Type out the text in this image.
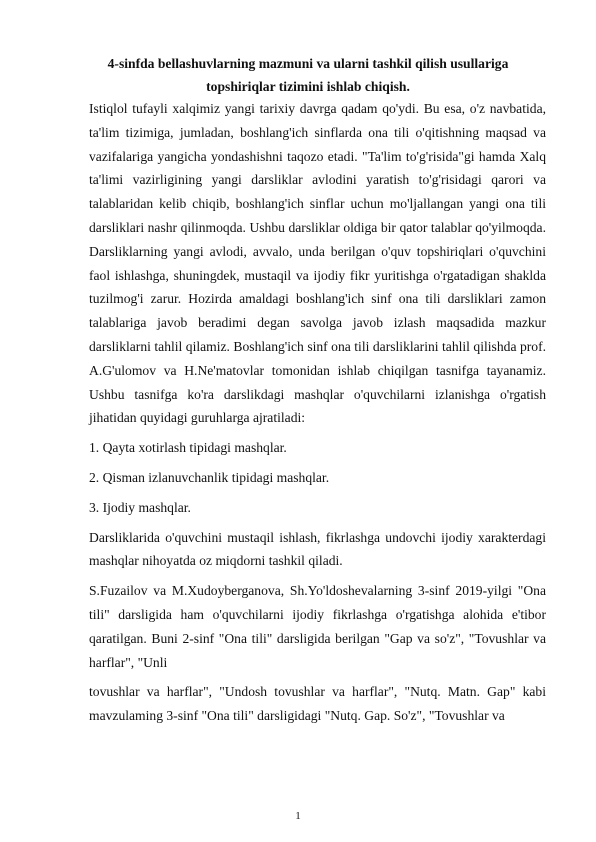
4-sinfda bellashuvlarning mazmuni va ularni tashkil qilish usullariga
topshiriqlar tizimini ishlab chiqish.

Istiqlol tufayli xalqimiz yangi tarixiy davrga qadam qo'ydi. Bu esa, o'z navbatida, ta'lim tizimiga, jumladan, boshlang'ich sinflarda ona tili o'qitishning maqsad va vazifalariga yangicha yondashishni taqozo etadi. "Ta'lim to'g'risida"gi hamda Xalq ta'limi vazirligining yangi darsliklar avlodini yaratish to'g'risidagi qarori va talablaridan kelib chiqib, boshlang'ich sinflar uchun mo'ljallangan yangi ona tili darsliklari nashr qilinmoqda. Ushbu darsliklar oldiga bir qator talablar qo'yilmoqda. Darsliklarning yangi avlodi, avvalo, unda berilgan o'quv topshiriqlari o'quvchini faol ishlashga, shuningdek, mustaqil va ijodiy fikr yuritishga o'rgatadigan shaklda tuzilmog'i zarur. Hozirda amaldagi boshlang'ich sinf ona tili darsliklari zamon talablariga javob beradimi degan savolga javob izlash maqsadida mazkur darsliklarni tahlil qilamiz. Boshlang'ich sinf ona tili darsliklarini tahlil qilishda prof. A.G'ulomov va H.Ne'matovlar tomonidan ishlab chiqilgan tasnifga tayanamiz. Ushbu tasnifga ko'ra darslikdagi mashqlar o'quvchilarni izlanishga o'rgatish jihatidan quyidagi guruhlarga ajratiladi:

1. Qayta xotirlash tipidagi mashqlar.

2. Qisman izlanuvchanlik tipidagi mashqlar.

3. Ijodiy mashqlar.

Darsliklarida o'quvchini mustaqil ishlash, fikrlashga undovchi ijodiy xarakterdagi mashqlar nihoyatda oz miqdorni tashkil qiladi.

S.Fuzailov va M.Xudoyberganova, Sh.Yo'ldoshevalarning 3-sinf 2019-yilgi "Ona tili" darsligida ham o'quvchilarni ijodiy fikrlashga o'rgatishga alohida e'tibor qaratilgan. Buni 2-sinf "Ona tili" darsligida berilgan "Gap va so'z", "Tovushlar va harflar", "Unli

tovushlar va harflar", "Undosh tovushlar va harflar", "Nutq. Matn. Gap" kabi mavzulaming 3-sinf "Ona tili" darsligidagi "Nutq. Gap. So'z", "Tovushlar va

1
